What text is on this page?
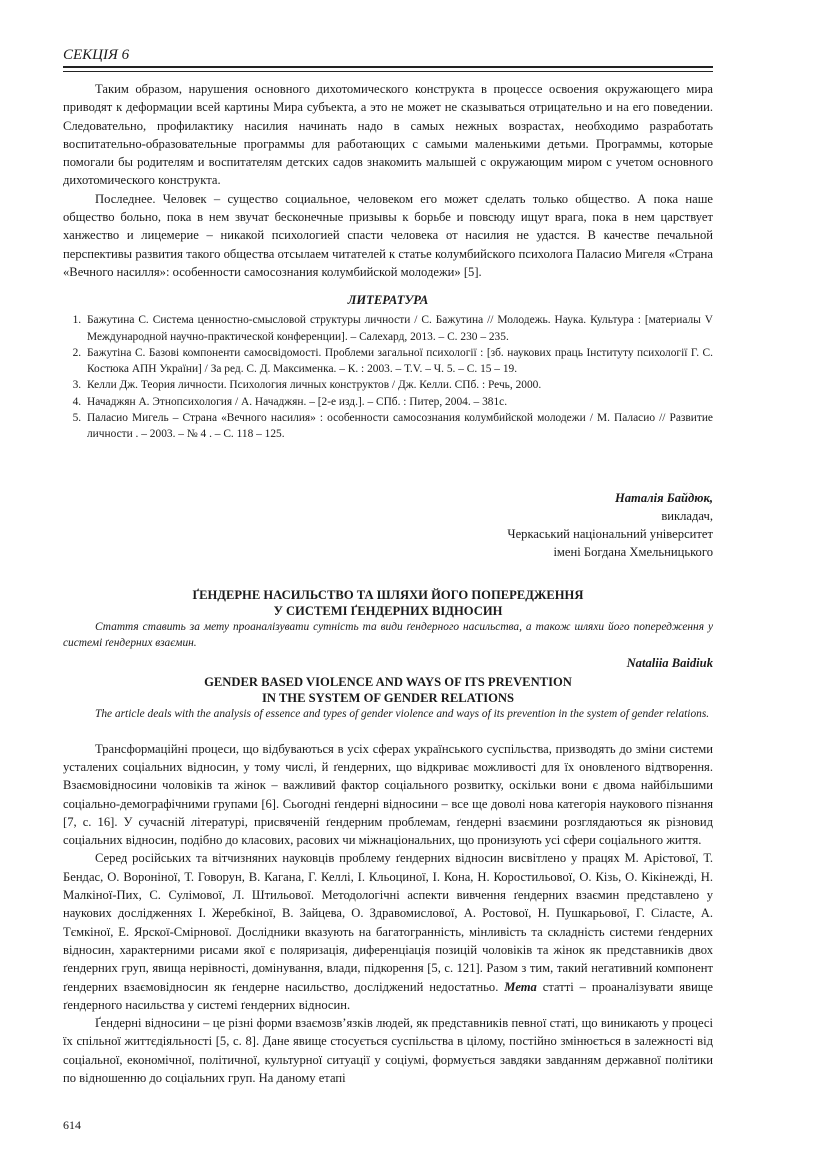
СЕКЦІЯ 6

Таким образом, нарушения основного дихотомического конструкта в процессе освоения окружающего мира приводят к деформации всей картины Мира субъекта, а это не может не сказываться отрицательно и на его поведении. Следовательно, профилактику насилия начинать надо в самых нежных возрастах, необходимо разработать воспитательно-образовательные программы для работающих с самыми маленькими детьми. Программы, которые помогали бы родителям и воспитателям детских садов знакомить малышей с окружающим миром с учетом основного дихотомического конструкта.

Последнее. Человек – существо социальное, человеком его может сделать только общество. А пока наше общество больно, пока в нем звучат бесконечные призывы к борьбе и повсюду ищут врага, пока в нем царствует ханжество и лицемерие – никакой психологией спасти человека от насилия не удастся. В качестве печальной перспективы развития такого общества отсылаем читателей к статье колумбийского психолога Паласио Мигеля «Страна «Вечного насилля»: особенности самосознания колумбийской молодежи» [5].

ЛИТЕРАТУРА
1. Бажутина С. Система ценностно-смысловой структуры личности / С. Бажутина // Молодежь. Наука. Культура : [материалы V Международной научно-практической конференции]. – Салехард, 2013. – С. 230 – 235.
2. Бажутіна С. Базові компоненти самосвідомості. Проблеми загальної психології : [зб. наукових праць Інституту психології Г. С. Костюка АПН України] / За ред. С. Д. Максименка. – К. : 2003. – Т.V. – Ч. 5. – С. 15 – 19.
3. Келли Дж. Теория личности. Психология личных конструктов / Дж. Келли. СПб. : Речь, 2000.
4. Начаджян А. Этнопсихология / А. Начаджян. – [2-е изд.]. – СПб. : Питер, 2004. – 381с.
5. Паласио Мигель – Страна «Вечного насилия» : особенности самосознания колумбийской молодежи / М. Паласио // Развитие личности . – 2003. – № 4 . – С. 118 – 125.
Наталія Байдюк,
викладач,
Черкаський національний університет
імені Богдана Хмельницького
ҐЕНДЕРНЕ НАСИЛЬСТВО ТА ШЛЯХИ ЙОГО ПОПЕРЕДЖЕННЯ
У СИСТЕМІ ҐЕНДЕРНИХ ВІДНОСИН

Стаття ставить за мету проаналізувати сутність та види ґендерного насильства, а також шляхи його попередження у системі ґендерних взаємин.

Nataliia Baidiuk
GENDER BASED VIOLENCE AND WAYS OF ITS PREVENTION
IN THE SYSTEM OF GENDER RELATIONS

The article deals with the analysis of essence and types of gender violence and ways of its prevention in the system of gender relations.

Трансформаційні процеси, що відбуваються в усіх сферах українського суспільства, призводять до зміни системи усталених соціальних відносин, у тому числі, й ґендерних, що відкриває можливості для їх оновленого відтворення. Взаємовідносини чоловіків та жінок – важливий фактор соціального розвитку, оскільки вони є двома найбільшими соціально-демографічними групами [6]. Сьогодні ґендерні відносини – все ще доволі нова категорія наукового пізнання [7, с. 16]. У сучасній літературі, присвяченій ґендерним проблемам, ґендерні взаємини розглядаються як різновид соціальних відносин, подібно до класових, расових чи міжнаціональних, що пронизують усі сфери соціального життя.

Серед російських та вітчизняних науковців проблему ґендерних відносин висвітлено у працях М. Арістової, Т. Бендас, О. Вороніної, Т. Говорун, В. Кагана, Г. Келлі, І. Кльоциної, І. Кона, Н. Коростильової, О. Кізь, О. Кікінежді, Н. Малкіної-Пих, С. Сулімової, Л. Штильової. Методологічні аспекти вивчення ґендерних взаємин представлено у наукових дослідженнях І. Жеребкіної, В. Зайцева, О. Здравомислової, А. Ростової, Н. Пушкарьової, Г. Сіласте, А. Тємкіної, Е. Ярскої-Смірнової. Дослідники вказують на багатогранність, мінливість та складність системи ґендерних відносин, характерними рисами якої є поляризація, диференціація позицій чоловіків та жінок як представників двох ґендерних груп, явища нерівності, домінування, влади, підкорення [5, с. 121]. Разом з тим, такий негативний компонент ґендерних взаємовідносин як ґендерне насильство, досліджений недостатньо. Мета статті – проаналізувати явище ґендерного насильства у системі ґендерних відносин.

Ґендерні відносини – це різні форми взаємозв’язків людей, як представників певної статі, що виникають у процесі їх спільної життєдіяльності [5, с. 8]. Дане явище стосується суспільства в цілому, постійно змінюється в залежності від соціальної, економічної, політичної, культурної ситуації у соціумі, формується завдяки завданням державної політики по відношенню до соціальних груп. На даному етапі

614
